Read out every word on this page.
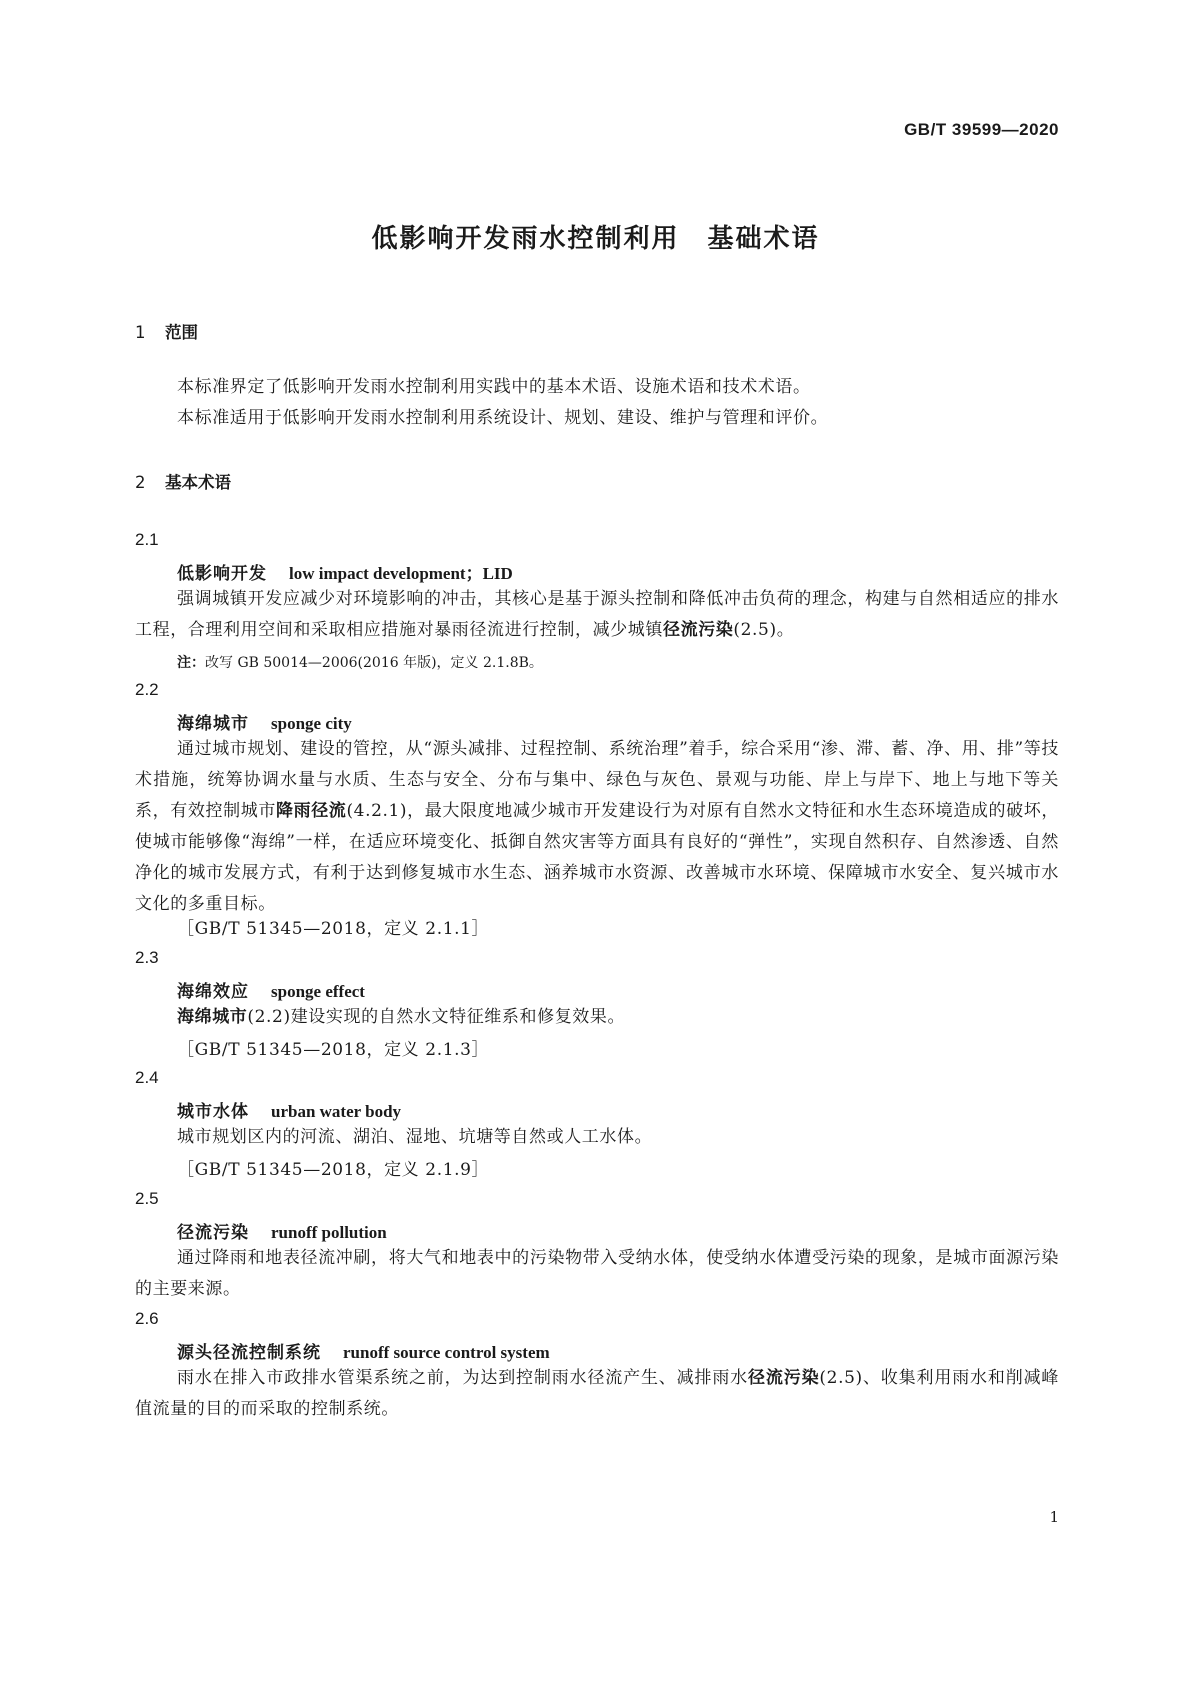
GB/T 39599—2020
低影响开发雨水控制利用　基础术语
1 范围
本标准界定了低影响开发雨水控制利用实践中的基本术语、设施术语和技术术语。
本标准适用于低影响开发雨水控制利用系统设计、规划、建设、维护与管理和评价。
2 基本术语
2.1
低影响开发 low impact development；LID
强调城镇开发应减少对环境影响的冲击，其核心是基于源头控制和降低冲击负荷的理念，构建与自然相适应的排水工程，合理利用空间和采取相应措施对暴雨径流进行控制，减少城镇径流污染(2.5)。
注：改写 GB 50014—2006(2016 年版)，定义 2.1.8B。
2.2
海绵城市 sponge city
通过城市规划、建设的管控，从“源头减排、过程控制、系统治理”着手，综合采用“渗、滞、蓄、净、用、排”等技术措施，统筹协调水量与水质、生态与安全、分布与集中、绿色与灰色、景观与功能、岸上与岸下、地上与地下等关系，有效控制城市降雨径流(4.2.1)，最大限度地减少城市开发建设行为对原有自然水文特征和水生态环境造成的破坏，使城市能够像“海绵”一样，在适应环境变化、抵御自然灾害等方面具有良好的“弹性”，实现自然积存、自然渗透、自然净化的城市发展方式，有利于达到修复城市水生态、涵养城市水资源、改善城市水环境、保障城市水安全、复兴城市水文化的多重目标。
［GB/T 51345—2018，定义 2.1.1］
2.3
海绵效应 sponge effect
海绵城市(2.2)建设实现的自然水文特征维系和修复效果。
［GB/T 51345—2018，定义 2.1.3］
2.4
城市水体 urban water body
城市规划区内的河流、湖泊、湿地、坑塘等自然或人工水体。
［GB/T 51345—2018，定义 2.1.9］
2.5
径流污染 runoff pollution
通过降雨和地表径流冲刷，将大气和地表中的污染物带入受纳水体，使受纳水体遭受污染的现象，是城市面源污染的主要来源。
2.6
源头径流控制系统 runoff source control system
雨水在排入市政排水管渠系统之前，为达到控制雨水径流产生、减排雨水径流污染(2.5)、收集利用雨水和削减峰值流量的目的而采取的控制系统。
1
